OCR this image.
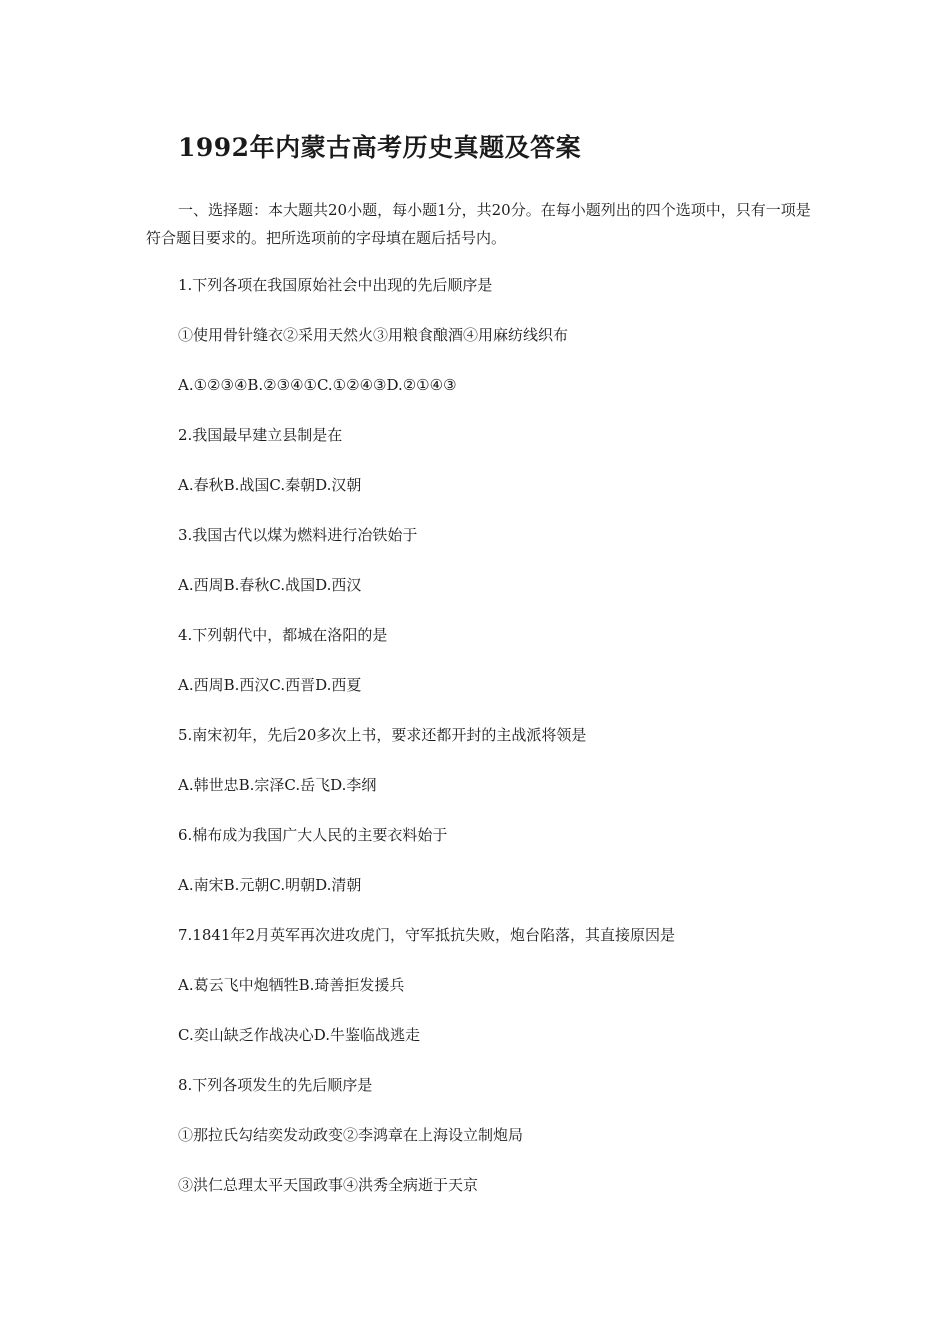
1992年内蒙古高考历史真题及答案
一、选择题：本大题共20小题，每小题1分，共20分。在每小题列出的四个选项中，只有一项是符合题目要求的。把所选项前的字母填在题后括号内。
1.下列各项在我国原始社会中出现的先后顺序是
①使用骨针缝衣②采用天然火③用粮食酿酒④用麻纺线织布
A.①②③④B.②③④①C.①②④③D.②①④③
2.我国最早建立县制是在
A.春秋B.战国C.秦朝D.汉朝
3.我国古代以煤为燃料进行冶铁始于
A.西周B.春秋C.战国D.西汉
4.下列朝代中，都城在洛阳的是
A.西周B.西汉C.西晋D.西夏
5.南宋初年，先后20多次上书，要求还都开封的主战派将领是
A.韩世忠B.宗泽C.岳飞D.李纲
6.棉布成为我国广大人民的主要衣料始于
A.南宋B.元朝C.明朝D.清朝
7.1841年2月英军再次进攻虎门，守军抵抗失败，炮台陷落，其直接原因是
A.葛云飞中炮牺牲B.琦善拒发援兵
C.奕山缺乏作战决心D.牛鉴临战逃走
8.下列各项发生的先后顺序是
①那拉氏勾结奕发动政变②李鸿章在上海设立制炮局
③洪仁总理太平天国政事④洪秀全病逝于天京
